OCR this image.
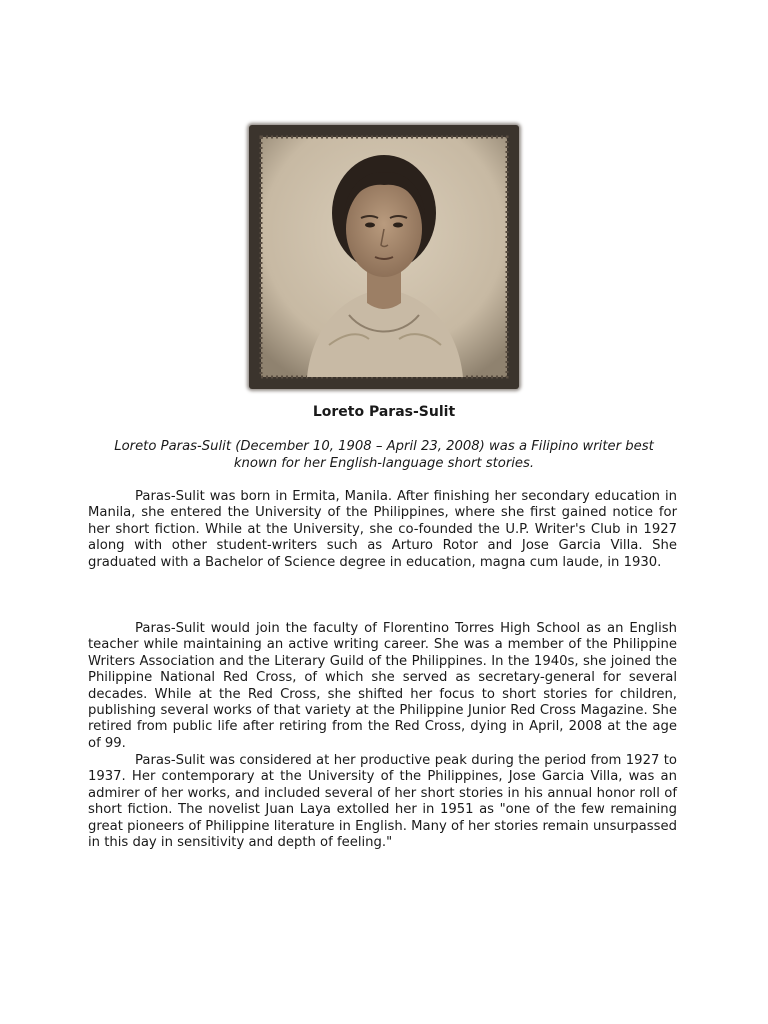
Loreto Paras-Sulit
Loreto Paras-Sulit (December 10, 1908 – April 23, 2008) was a Filipino writer best known for her English-language short stories.

Paras-Sulit was born in Ermita, Manila. After finishing her secondary education in Manila, she entered the University of the Philippines, where she first gained notice for her short fiction. While at the University, she co-founded the U.P. Writer's Club in 1927 along with other student-writers such as Arturo Rotor and Jose Garcia Villa. She graduated with a Bachelor of Science degree in education, magna cum laude, in 1930.

Paras-Sulit would join the faculty of Florentino Torres High School as an English teacher while maintaining an active writing career. She was a member of the Philippine Writers Association and the Literary Guild of the Philippines. In the 1940s, she joined the Philippine National Red Cross, of which she served as secretary-general for several decades. While at the Red Cross, she shifted her focus to short stories for children, publishing several works of that variety at the Philippine Junior Red Cross Magazine. She retired from public life after retiring from the Red Cross, dying in April, 2008 at the age of 99.

Paras-Sulit was considered at her productive peak during the period from 1927 to 1937. Her contemporary at the University of the Philippines, Jose Garcia Villa, was an admirer of her works, and included several of her short stories in his annual honor roll of short fiction. The novelist Juan Laya extolled her in 1951 as "one of the few remaining great pioneers of Philippine literature in English. Many of her stories remain unsurpassed in this day in sensitivity and depth of feeling."
